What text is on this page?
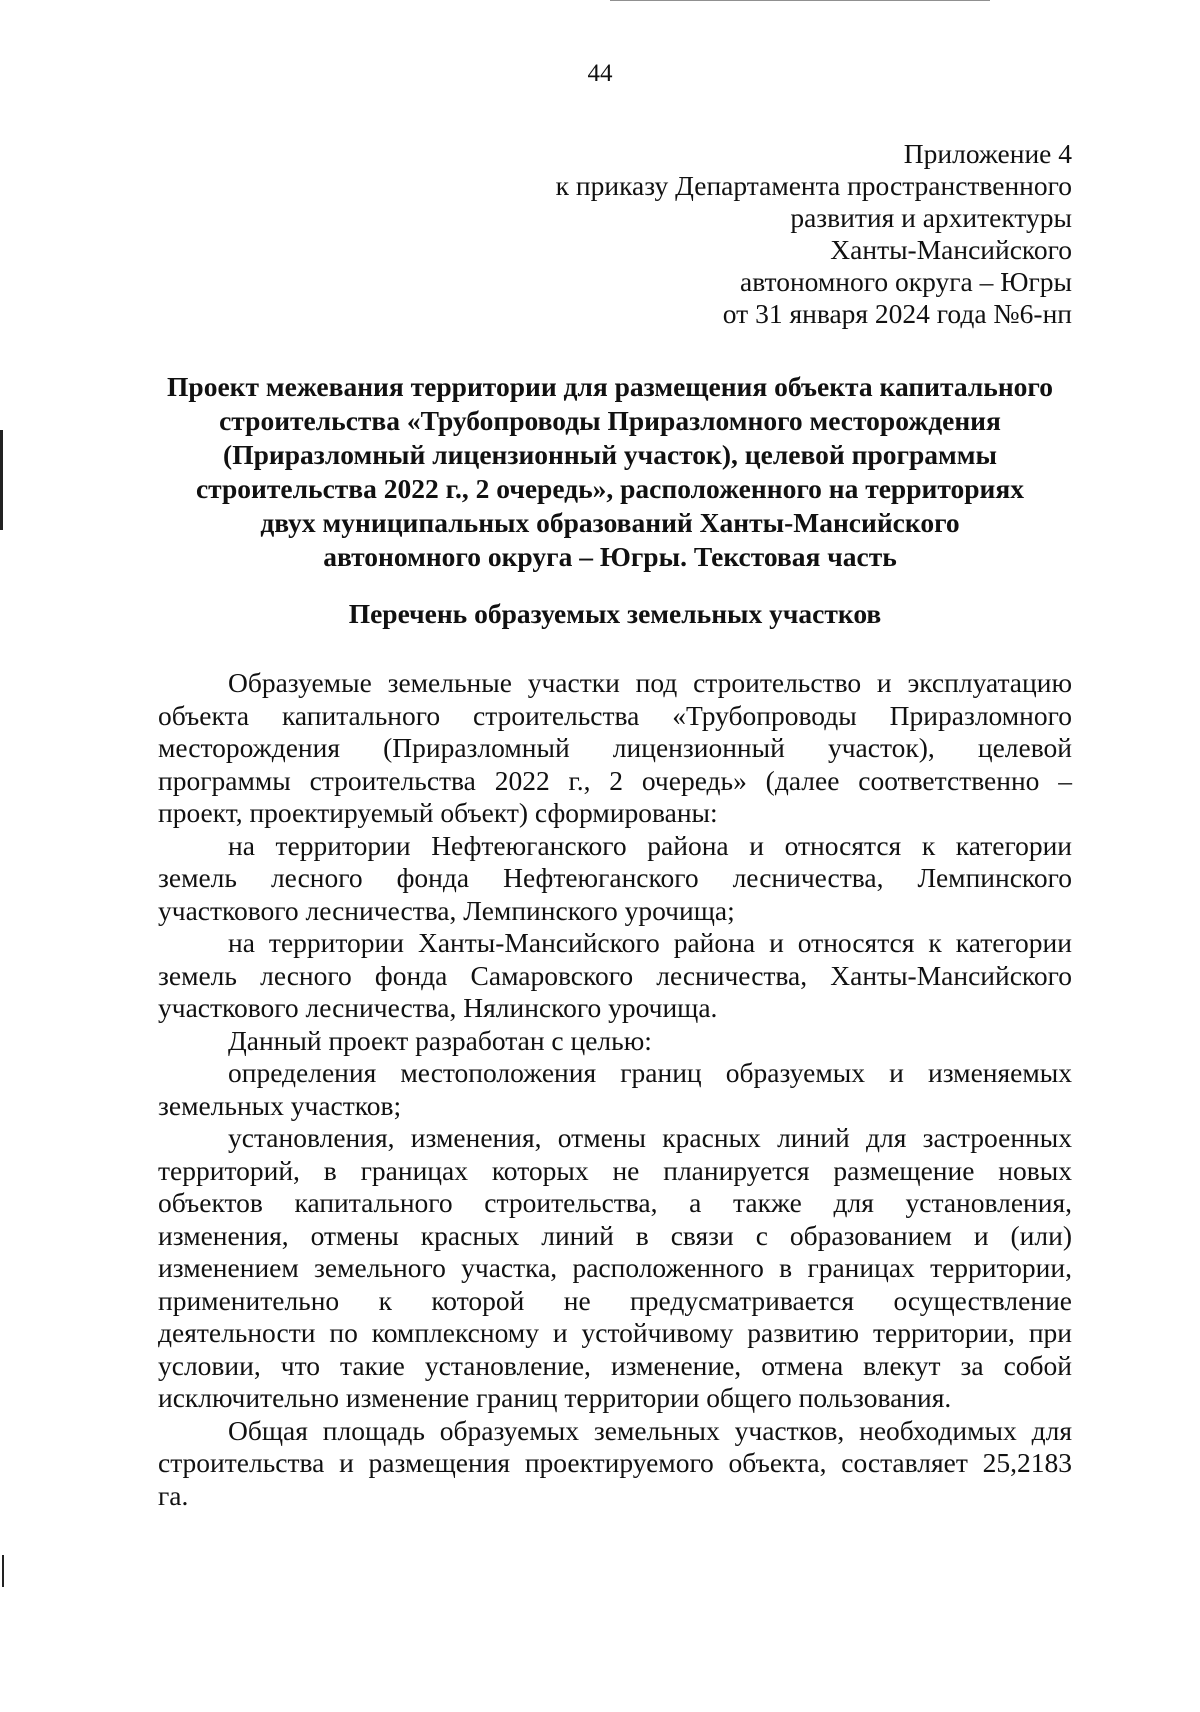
44
Приложение 4
к приказу Департамента пространственного
развития и архитектуры
Ханты-Мансийского
автономного округа – Югры
от 31 января 2024 года №6-нп
Проект межевания территории для размещения объекта капитального
строительства «Трубопроводы Приразломного месторождения
(Приразломный лицензионный участок), целевой программы
строительства 2022 г., 2 очередь», расположенного на территориях
двух муниципальных образований Ханты-Мансийского
автономного округа – Югры. Текстовая часть
Перечень образуемых земельных участков
Образуемые земельные участки под строительство и эксплуатацию
объекта капитального строительства «Трубопроводы Приразломного
месторождения (Приразломный лицензионный участок), целевой
программы строительства 2022 г., 2 очередь» (далее соответственно –
проект, проектируемый объект) сформированы:
на территории Нефтеюганского района и относятся к категории
земель лесного фонда Нефтеюганского лесничества, Лемпинского
участкового лесничества, Лемпинского урочища;
на территории Ханты-Мансийского района и относятся к категории
земель лесного фонда Самаровского лесничества, Ханты-Мансийского
участкового лесничества, Нялинского урочища.
Данный проект разработан с целью:
определения местоположения границ образуемых и изменяемых
земельных участков;
установления, изменения, отмены красных линий для застроенных
территорий, в границах которых не планируется размещение новых
объектов капитального строительства, а также для установления,
изменения, отмены красных линий в связи с образованием и (или)
изменением земельного участка, расположенного в границах территории,
применительно к которой не предусматривается осуществление
деятельности по комплексному и устойчивому развитию территории, при
условии, что такие установление, изменение, отмена влекут за собой
исключительно изменение границ территории общего пользования.
Общая площадь образуемых земельных участков, необходимых для
строительства и размещения проектируемого объекта, составляет 25,2183
га.
